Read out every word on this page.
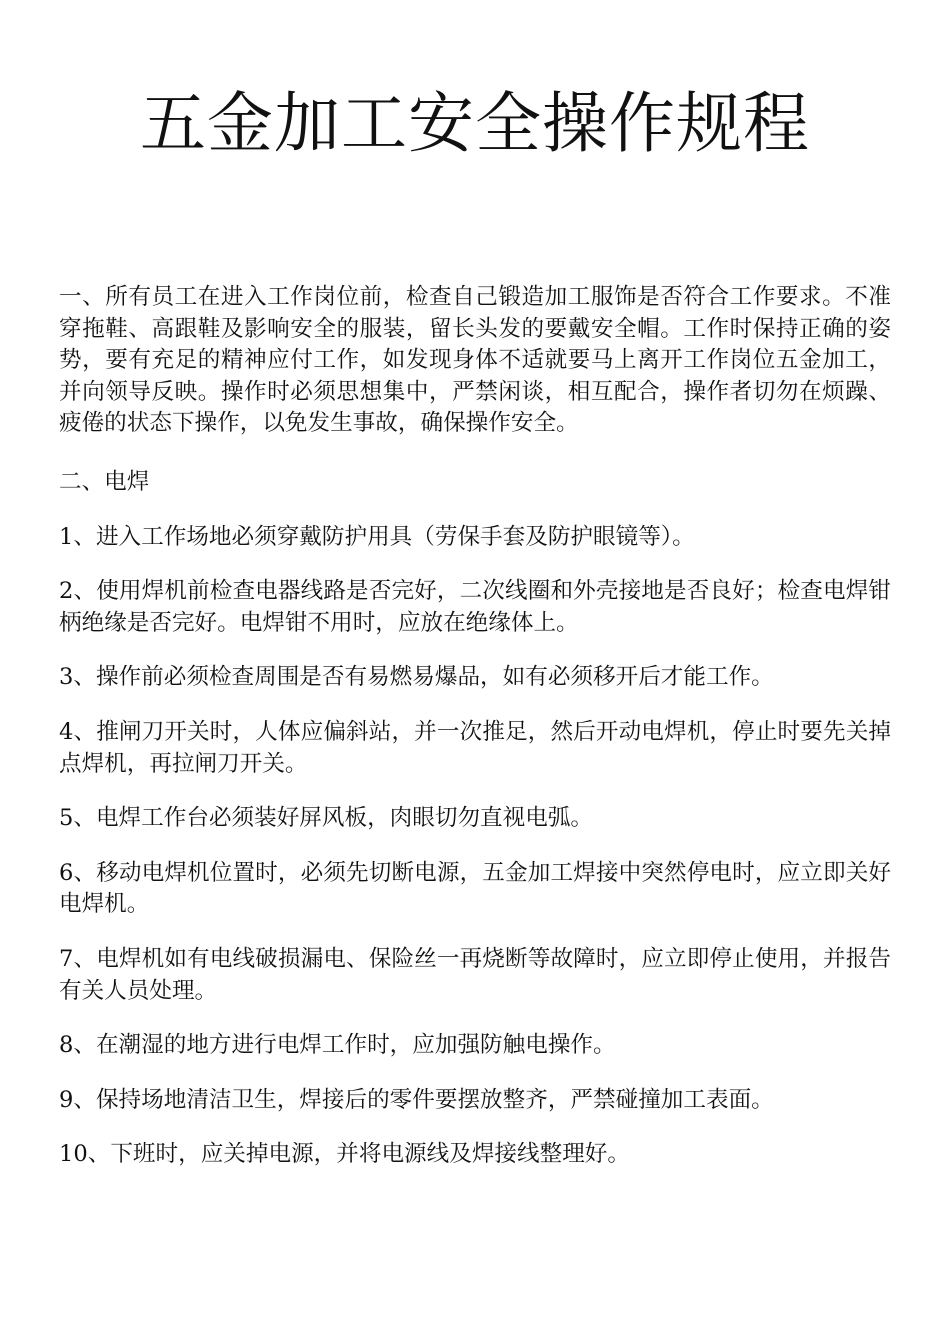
五金加工安全操作规程

一、所有员工在进入工作岗位前，检查自己锻造加工服饰是否符合工作要求。不准穿拖鞋、高跟鞋及影响安全的服装，留长头发的要戴安全帽。工作时保持正确的姿势，要有充足的精神应付工作，如发现身体不适就要马上离开工作岗位五金加工，并向领导反映。操作时必须思想集中，严禁闲谈，相互配合，操作者切勿在烦躁、疲倦的状态下操作，以免发生事故，确保操作安全。

二、电焊

1、进入工作场地必须穿戴防护用具（劳保手套及防护眼镜等）。

2、使用焊机前检查电器线路是否完好，二次线圈和外壳接地是否良好；检查电焊钳柄绝缘是否完好。电焊钳不用时，应放在绝缘体上。

3、操作前必须检查周围是否有易燃易爆品，如有必须移开后才能工作。

4、推闸刀开关时，人体应偏斜站，并一次推足，然后开动电焊机，停止时要先关掉点焊机，再拉闸刀开关。

5、电焊工作台必须装好屏风板，肉眼切勿直视电弧。

6、移动电焊机位置时，必须先切断电源，五金加工焊接中突然停电时，应立即关好电焊机。

7、电焊机如有电线破损漏电、保险丝一再烧断等故障时，应立即停止使用，并报告有关人员处理。

8、在潮湿的地方进行电焊工作时，应加强防触电操作。

9、保持场地清洁卫生，焊接后的零件要摆放整齐，严禁碰撞加工表面。

10、下班时，应关掉电源，并将电源线及焊接线整理好。
